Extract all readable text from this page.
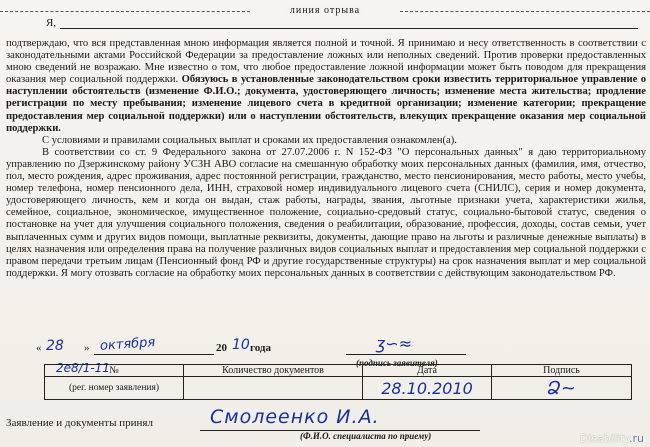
линия отрыва
Я,

подтверждаю, что вся представленная мною информация является полной и точной. Я принимаю и несу ответственность в соответствии с законодательными актами Российской Федерации за предоставление ложных или неполных сведений. Против проверки предоставленных мною сведений не возражаю. Мне известно о том, что любое предоставление ложной информации может быть поводом для прекращения оказания мер социальной поддержки. Обязуюсь в установленные законодательством сроки известить территориальное управление о наступлении обстоятельств (изменение Ф.И.О.; документа, удостоверяющего личность; изменение места жительства; продление регистрации по месту пребывания; изменение лицевого счета в кредитной организации; изменение категории; прекращение предоставления мер социальной поддержки) или о наступлении обстоятельств, влекущих прекращение оказания мер социальной поддержки.

С условиями и правилами социальных выплат и сроками их предоставления ознакомлен(а).

В соответствии со ст. 9 Федерального закона от 27.07.2006 г. N 152-ФЗ "О персональных данных" я даю территориальному управлению по Дзержинскому району УСЗН АВО согласие на смешанную обработку моих персональных данных (фамилия, имя, отчество, пол, место рождения, адрес проживания, адрес постоянной регистрации, гражданство, место пенсионирования, место работы, место учебы, номер телефона, номер пенсионного дела, ИНН, страховой номер индивидуального лицевого счета (СНИЛС), серия и номер документа, удостоверяющего личность, кем и когда он выдан, стаж работы, награды, звания, льготные признаки учета, характеристики жилья, семейное, социальное, экономическое, имущественное положение, социально-средовый статус, социально-бытовой статус, сведения о постановке на учет для улучшения социального положения, сведения о реабилитации, образование, профессия, доходы, состав семьи, учет выплаченных сумм и других видов помощи, выплатные реквизиты, документы, дающие право на льготы и различные денежные выплаты) в целях назначения или определения права на получение различных видов социальных выплат и предоставления мер социальной поддержки с правом передачи третьим лицам (Пенсионный фонд РФ и другие государственные структуры) на срок назначения выплат и мер социальной поддержки. Я могу отозвать согласие на обработку моих персональных данных в соответствии с действующим законодательством РФ.

« 28 » октября	20 10 года	ʒ∽≈
(подпись заявителя)
2e8/1-11 №	Количество документов	Дата	Подпись
(рег. номер заявления)		28.10.2010	Ձ~
Заявление и документы принял	Смолеенко И.А.
(Ф.И.О. специалиста по приему)	Disability.ru
